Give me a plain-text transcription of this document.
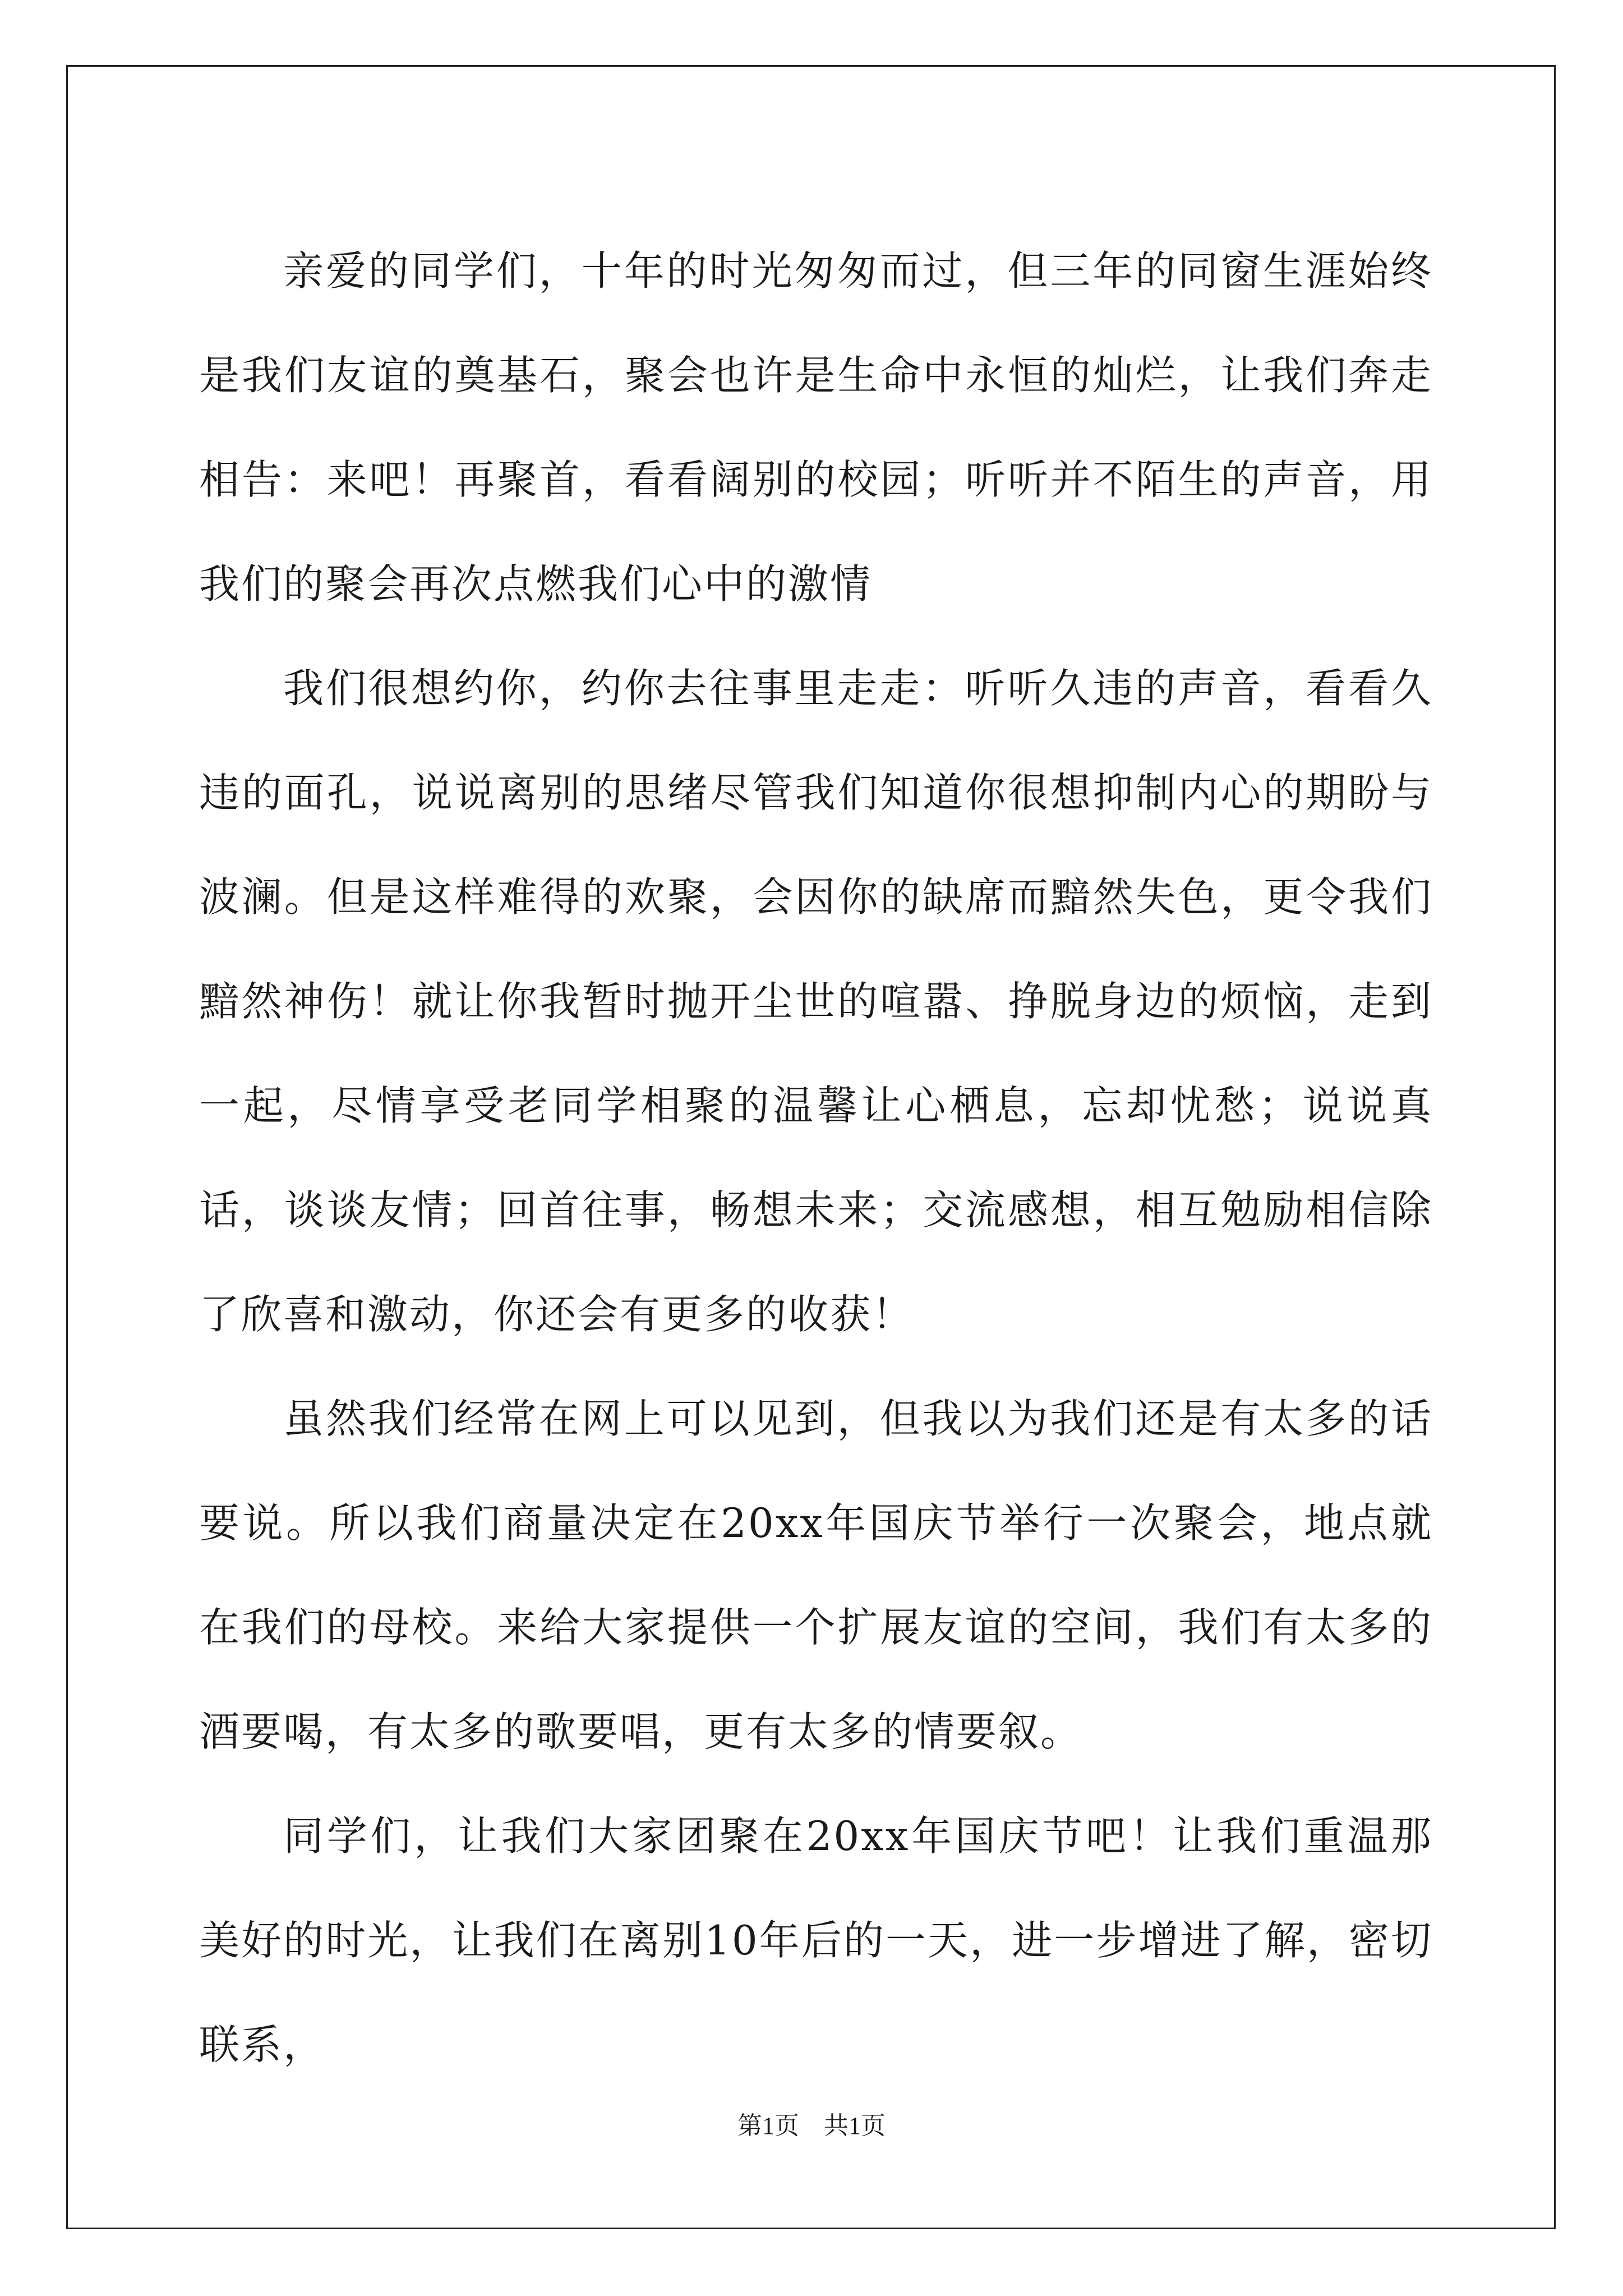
亲爱的同学们，十年的时光匆匆而过，但三年的同窗生涯始终是我们友谊的奠基石，聚会也许是生命中永恒的灿烂，让我们奔走相告：来吧！再聚首，看看阔别的校园；听听并不陌生的声音，用我们的聚会再次点燃我们心中的激情

我们很想约你，约你去往事里走走：听听久违的声音，看看久违的面孔，说说离别的思绪尽管我们知道你很想抑制内心的期盼与波澜。但是这样难得的欢聚，会因你的缺席而黯然失色，更令我们黯然神伤！就让你我暂时抛开尘世的喧嚣、挣脱身边的烦恼，走到一起，尽情享受老同学相聚的温馨让心栖息，忘却忧愁；说说真话，谈谈友情；回首往事，畅想未来；交流感想，相互勉励相信除了欣喜和激动，你还会有更多的收获！

虽然我们经常在网上可以见到，但我以为我们还是有太多的话要说。所以我们商量决定在20xx年国庆节举行一次聚会，地点就在我们的母校。来给大家提供一个扩展友谊的空间，我们有太多的酒要喝，有太多的歌要唱，更有太多的情要叙。

同学们，让我们大家团聚在20xx年国庆节吧！让我们重温那美好的时光，让我们在离别10年后的一天，进一步增进了解，密切联系，

第1页　共1页
